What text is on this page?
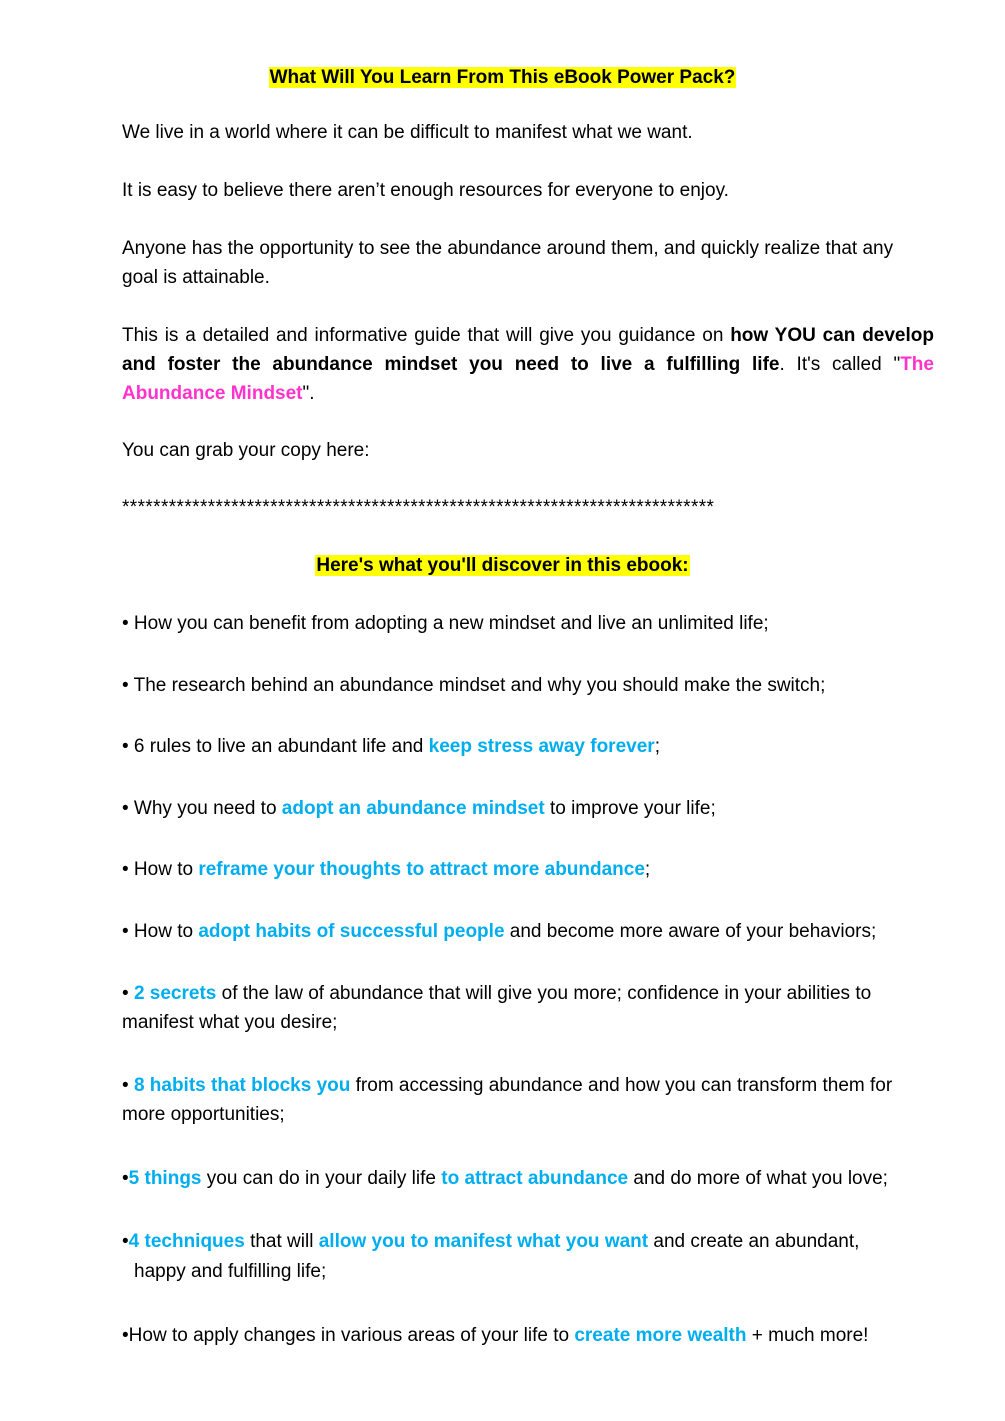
What Will You Learn From This eBook Power Pack?
We live in a world where it can be difficult to manifest what we want.
It is easy to believe there aren’t enough resources for everyone to enjoy.
Anyone has the opportunity to see the abundance around them, and quickly realize that any goal is attainable.
This is a detailed and informative guide that will give you guidance on how YOU can develop and foster the abundance mindset you need to live a fulfilling life. It's called "The Abundance Mindset".
You can grab your copy here:
****************************************************************************
Here's what you'll discover in this ebook:
• How you can benefit from adopting a new mindset and live an unlimited life;
• The research behind an abundance mindset and why you should make the switch;
• 6 rules to live an abundant life and keep stress away forever;
• Why you need to adopt an abundance mindset to improve your life;
• How to reframe your thoughts to attract more abundance;
• How to adopt habits of successful people and become more aware of your behaviors;
• 2 secrets of the law of abundance that will give you more; confidence in your abilities to manifest what you desire;
• 8 habits that blocks you from accessing abundance and how you can transform them for more opportunities;
•5 things you can do in your daily life to attract abundance and do more of what you love;
•4 techniques that will allow you to manifest what you want and create an abundant,
happy and fulfilling life;
•How to apply changes in various areas of your life to create more wealth + much more!
